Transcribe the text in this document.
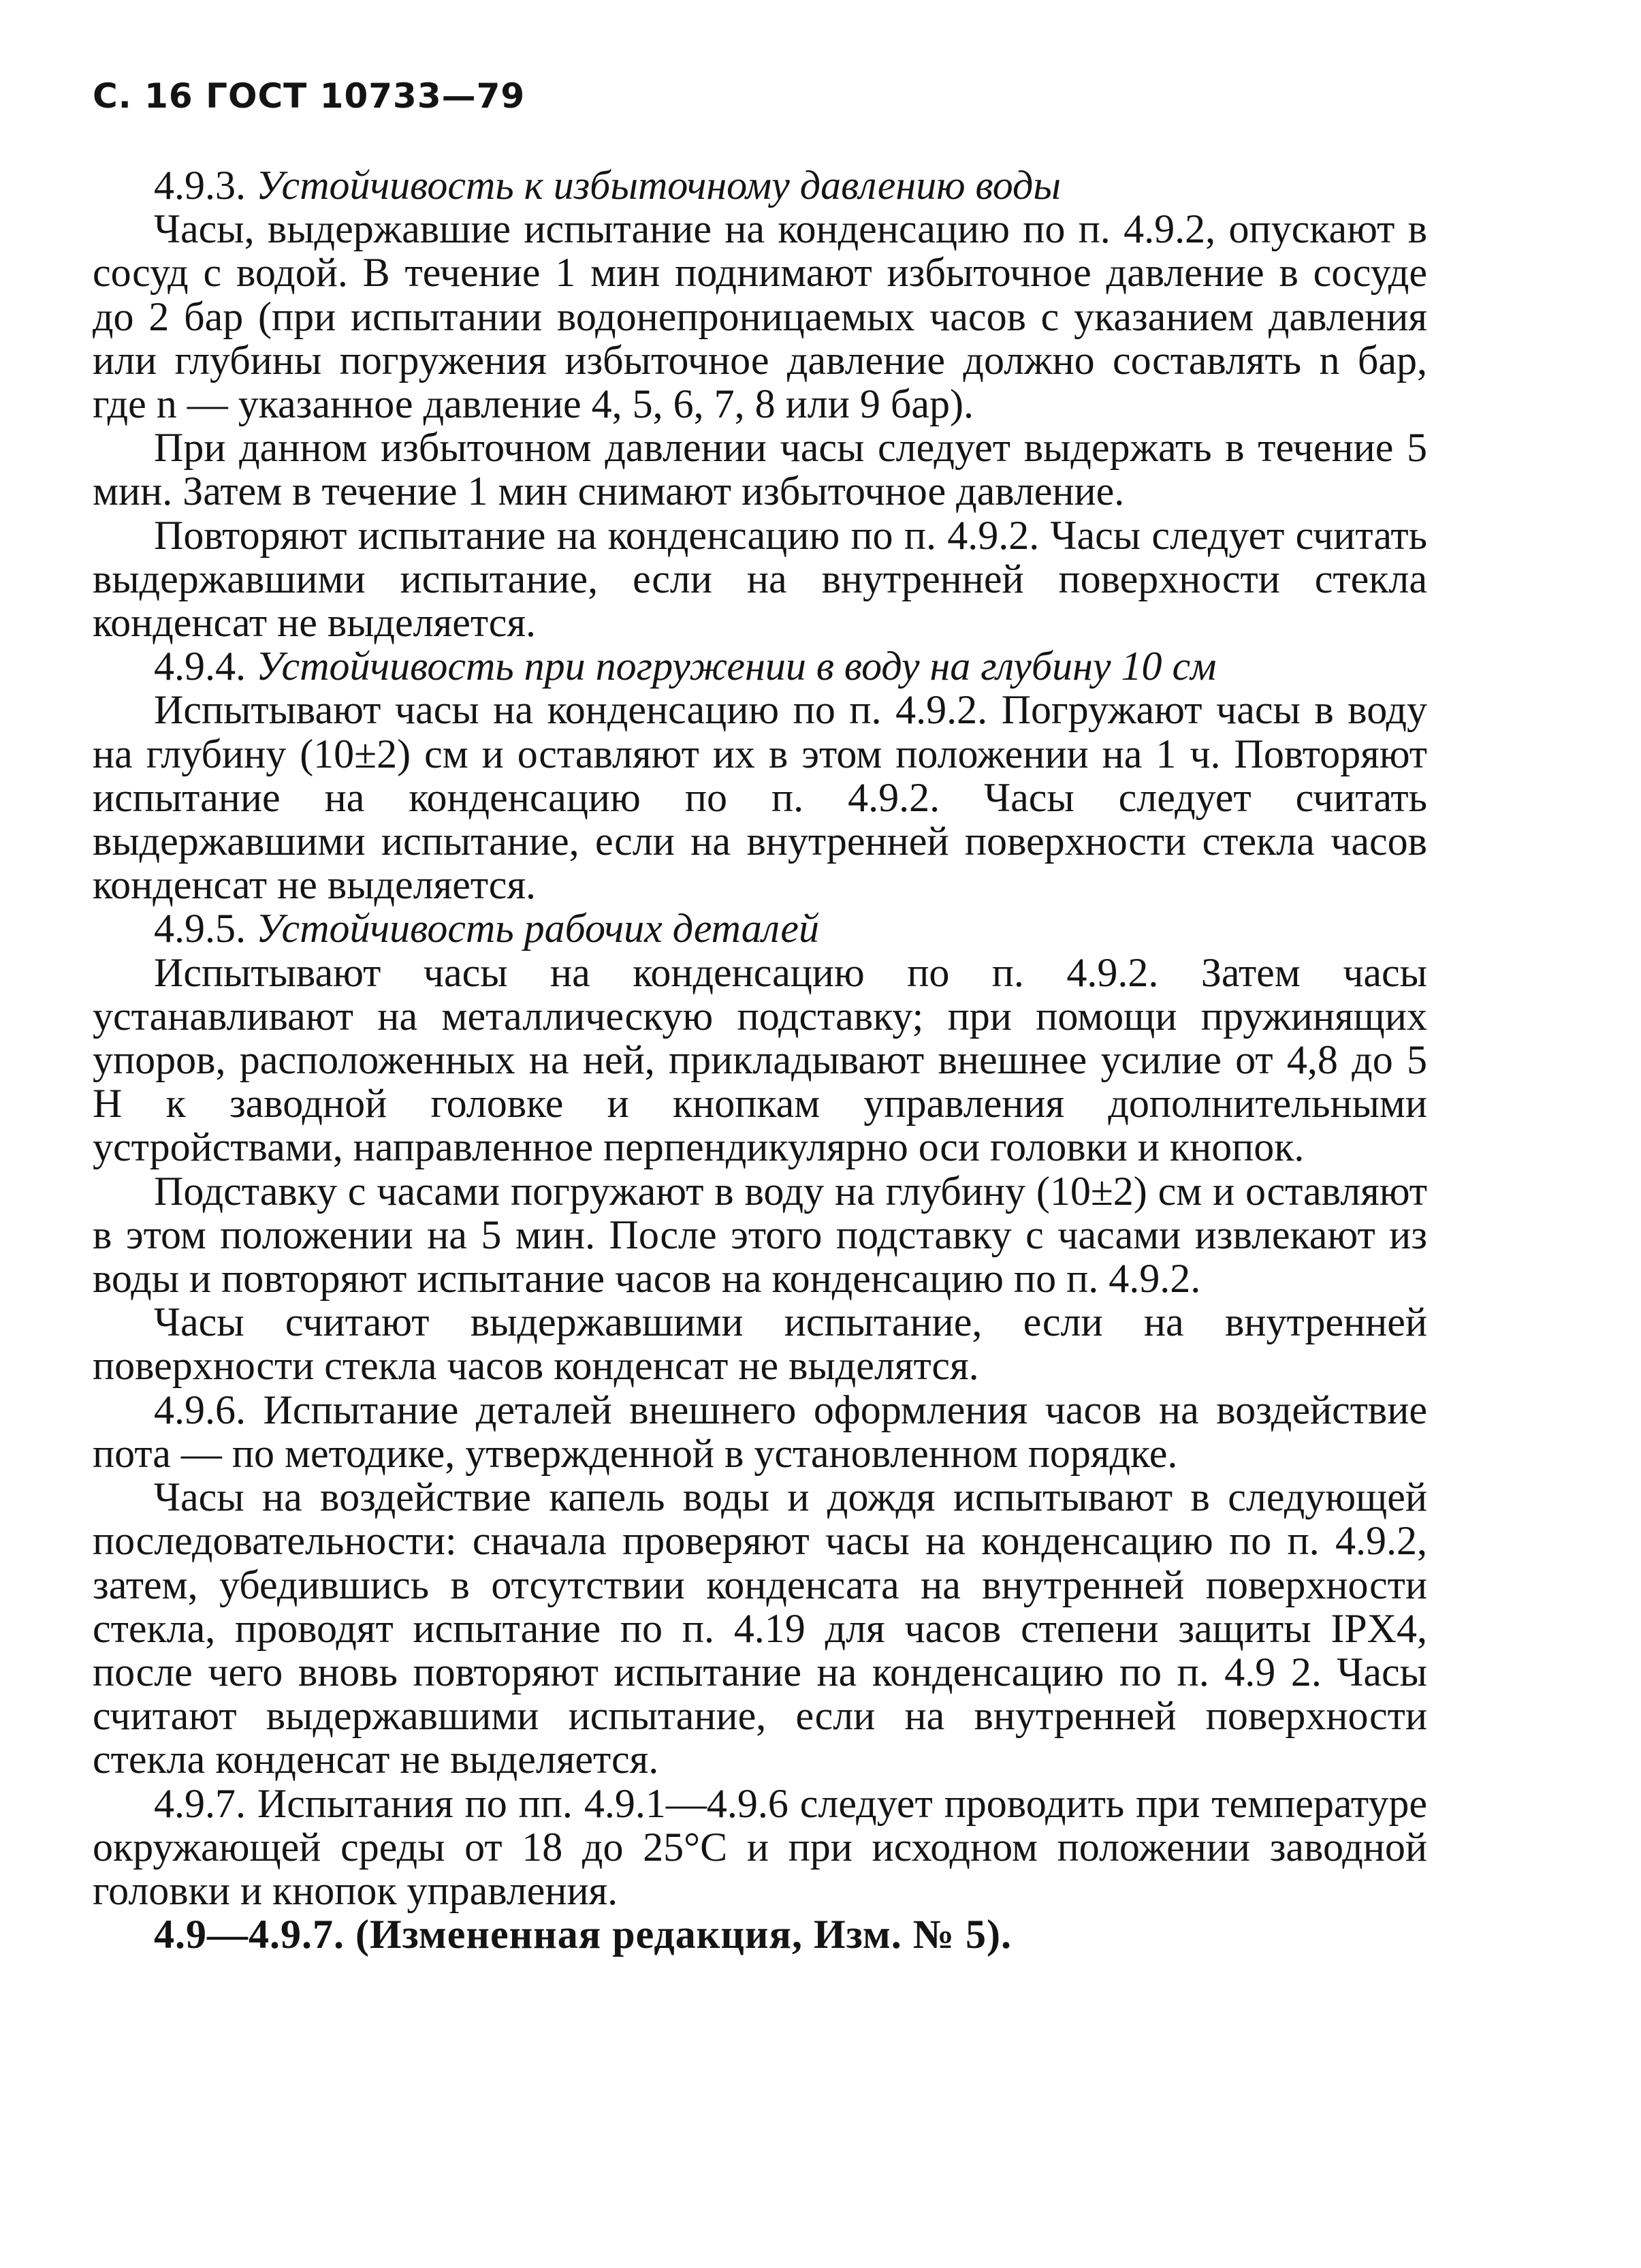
С. 16 ГОСТ 10733—79

4.9.3. Устойчивость к избыточному давлению воды

Часы, выдержавшие испытание на конденсацию по п. 4.9.2, опускают в сосуд с водой. В течение 1 мин поднимают избыточное давление в сосуде до 2 бар (при испытании водонепроницаемых часов с указанием давления или глубины погружения избыточное давление должно составлять n бар, где n — указанное давление 4, 5, 6, 7, 8 или 9 бар).

При данном избыточном давлении часы следует выдержать в течение 5 мин. Затем в течение 1 мин снимают избыточное давление.

Повторяют испытание на конденсацию по п. 4.9.2. Часы следует считать выдержавшими испытание, если на внутренней поверхности стекла конденсат не выделяется.

4.9.4. Устойчивость при погружении в воду на глубину 10 см

Испытывают часы на конденсацию по п. 4.9.2. Погружают часы в воду на глубину (10±2) см и оставляют их в этом положении на 1 ч. Повторяют испытание на конденсацию по п. 4.9.2. Часы следует считать выдержавшими испытание, если на внутренней поверхности стекла часов конденсат не выделяется.

4.9.5. Устойчивость рабочих деталей

Испытывают часы на конденсацию по п. 4.9.2. Затем часы устанавливают на металлическую подставку; при помощи пружинящих упоров, расположенных на ней, прикладывают внешнее усилие от 4,8 до 5 Н к заводной головке и кнопкам управления дополнительными устройствами, направленное перпендикулярно оси головки и кнопок.

Подставку с часами погружают в воду на глубину (10±2) см и оставляют в этом положении на 5 мин. После этого подставку с часами извлекают из воды и повторяют испытание часов на конденсацию по п. 4.9.2.

Часы считают выдержавшими испытание, если на внутренней поверхности стекла часов конденсат не выделятся.

4.9.6. Испытание деталей внешнего оформления часов на воздействие пота — по методике, утвержденной в установленном порядке.

Часы на воздействие капель воды и дождя испытывают в следующей последовательности: сначала проверяют часы на конденсацию по п. 4.9.2, затем, убедившись в отсутствии конденсата на внутренней поверхности стекла, проводят испытание по п. 4.19 для часов степени защиты IPX4, после чего вновь повторяют испытание на конденсацию по п. 4.9 2. Часы считают выдержавшими испытание, если на внутренней поверхности стекла конденсат не выделяется.

4.9.7. Испытания по пп. 4.9.1—4.9.6 следует проводить при температуре окружающей среды от 18 до 25°С и при исходном положении заводной головки и кнопок управления.

4.9—4.9.7. (Измененная редакция, Изм. № 5).
